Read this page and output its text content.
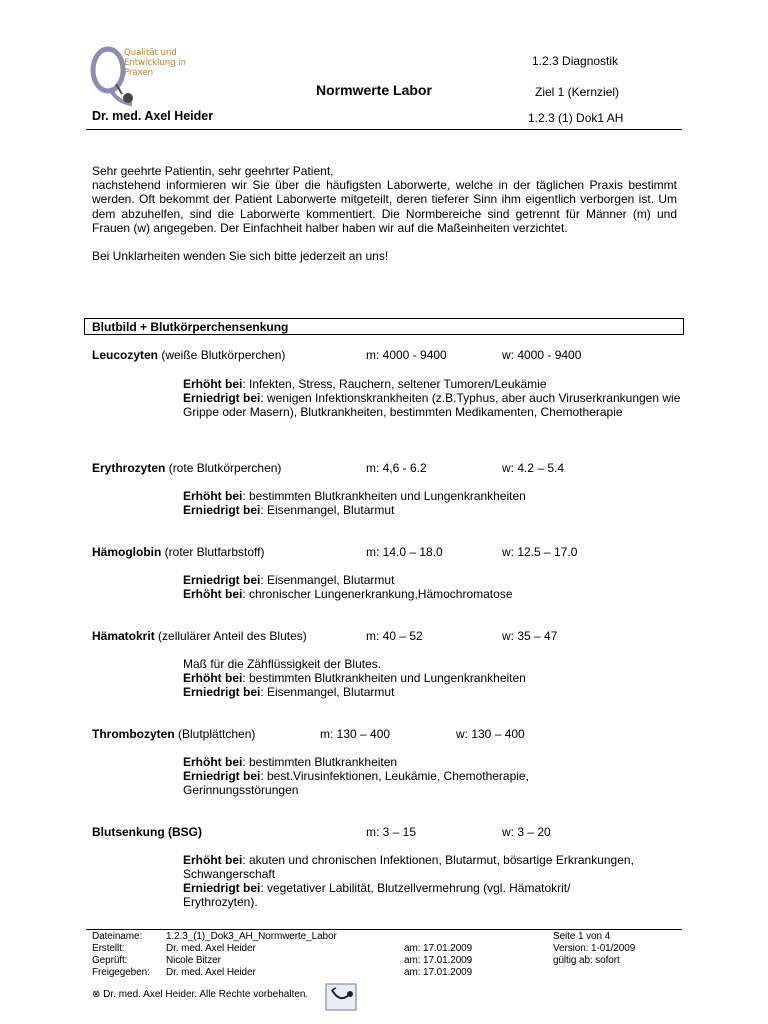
Qualität und
Entwicklung in
Praxen
1.2.3 Diagnostik
Normwerte Labor	Ziel 1 (Kernziel)
Dr. med. Axel Heider	1.2.3 (1) Dok1 AH

Sehr geehrte Patientin, sehr geehrter Patient,

nachstehend informieren wir Sie über die häufigsten Laborwerte, welche in der täglichen Praxis bestimmt werden. Oft bekommt der Patient Laborwerte mitgeteilt, deren tieferer Sinn ihm eigentlich verborgen ist. Um dem abzuhelfen, sind die Laborwerte kommentiert. Die Normbereiche sind getrennt für Männer (m) und Frauen (w) angegeben. Der Einfachheit halber haben wir auf die Maßeinheiten verzichtet.

Bei Unklarheiten wenden Sie sich bitte jederzeit an uns!

Blutbild + Blutkörperchensenkung
Leucozyten (weiße Blutkörperchen)	m: 4000 - 9400	w: 4000 - 9400

Erhöht bei: Infekten, Stress, Rauchern, seltener Tumoren/Leukämie

Erniedrigt bei: wenigen Infektionskrankheiten (z.B.Typhus, aber auch Viruserkrankungen wie Grippe oder Masern), Blutkrankheiten, bestimmten Medikamenten, Chemotherapie

Erythrozyten (rote Blutkörperchen)	m: 4,6 - 6.2	w: 4.2 – 5.4

Erhöht bei: bestimmten Blutkrankheiten und Lungenkrankheiten

Erniedrigt bei: Eisenmangel, Blutarmut

Hämoglobin (roter Blutfarbstoff)	m: 14.0 – 18.0	w: 12.5 – 17.0

Erniedrigt bei: Eisenmangel, Blutarmut

Erhöht bei: chronischer Lungenerkrankung,Hämochromatose

Hämatokrit (zellulärer Anteil des Blutes)	m: 40 – 52	w: 35 – 47

Maß für die Zähflüssigkeit der Blutes.

Erhöht bei: bestimmten Blutkrankheiten und Lungenkrankheiten

Erniedrigt bei: Eisenmangel, Blutarmut

Thrombozyten (Blutplättchen)	m: 130 – 400	w: 130 – 400

Erhöht bei: bestimmten Blutkrankheiten

Erniedrigt bei: best.Virusinfektionen, Leukämie, Chemotherapie, Gerinnungsstörungen

Blutsenkung (BSG)	m: 3 – 15	w: 3 – 20

Erhöht bei: akuten und chronischen Infektionen, Blutarmut, bösartige Erkrankungen, Schwangerschaft

Erniedrigt bei: vegetativer Labilität, Blutzellvermehrung (vgl. Hämatokrit/ Erythrozyten).

Dateiname: 1.2.3_(1)_Dok3_AH_Normwerte_Labor	Seite 1 von 4
Erstellt:	Dr. med. Axel Heider	am: 17.01.2009	Version: 1-01/2009
Geprüft:	Nicole Bitzer	am: 17.01.2009	gültig ab: sofort
Freigegeben: Dr. med. Axel Heider	am: 17.01.2009
⊗ Dr. med. Axel Heider. Alle Rechte vorbehalten.
